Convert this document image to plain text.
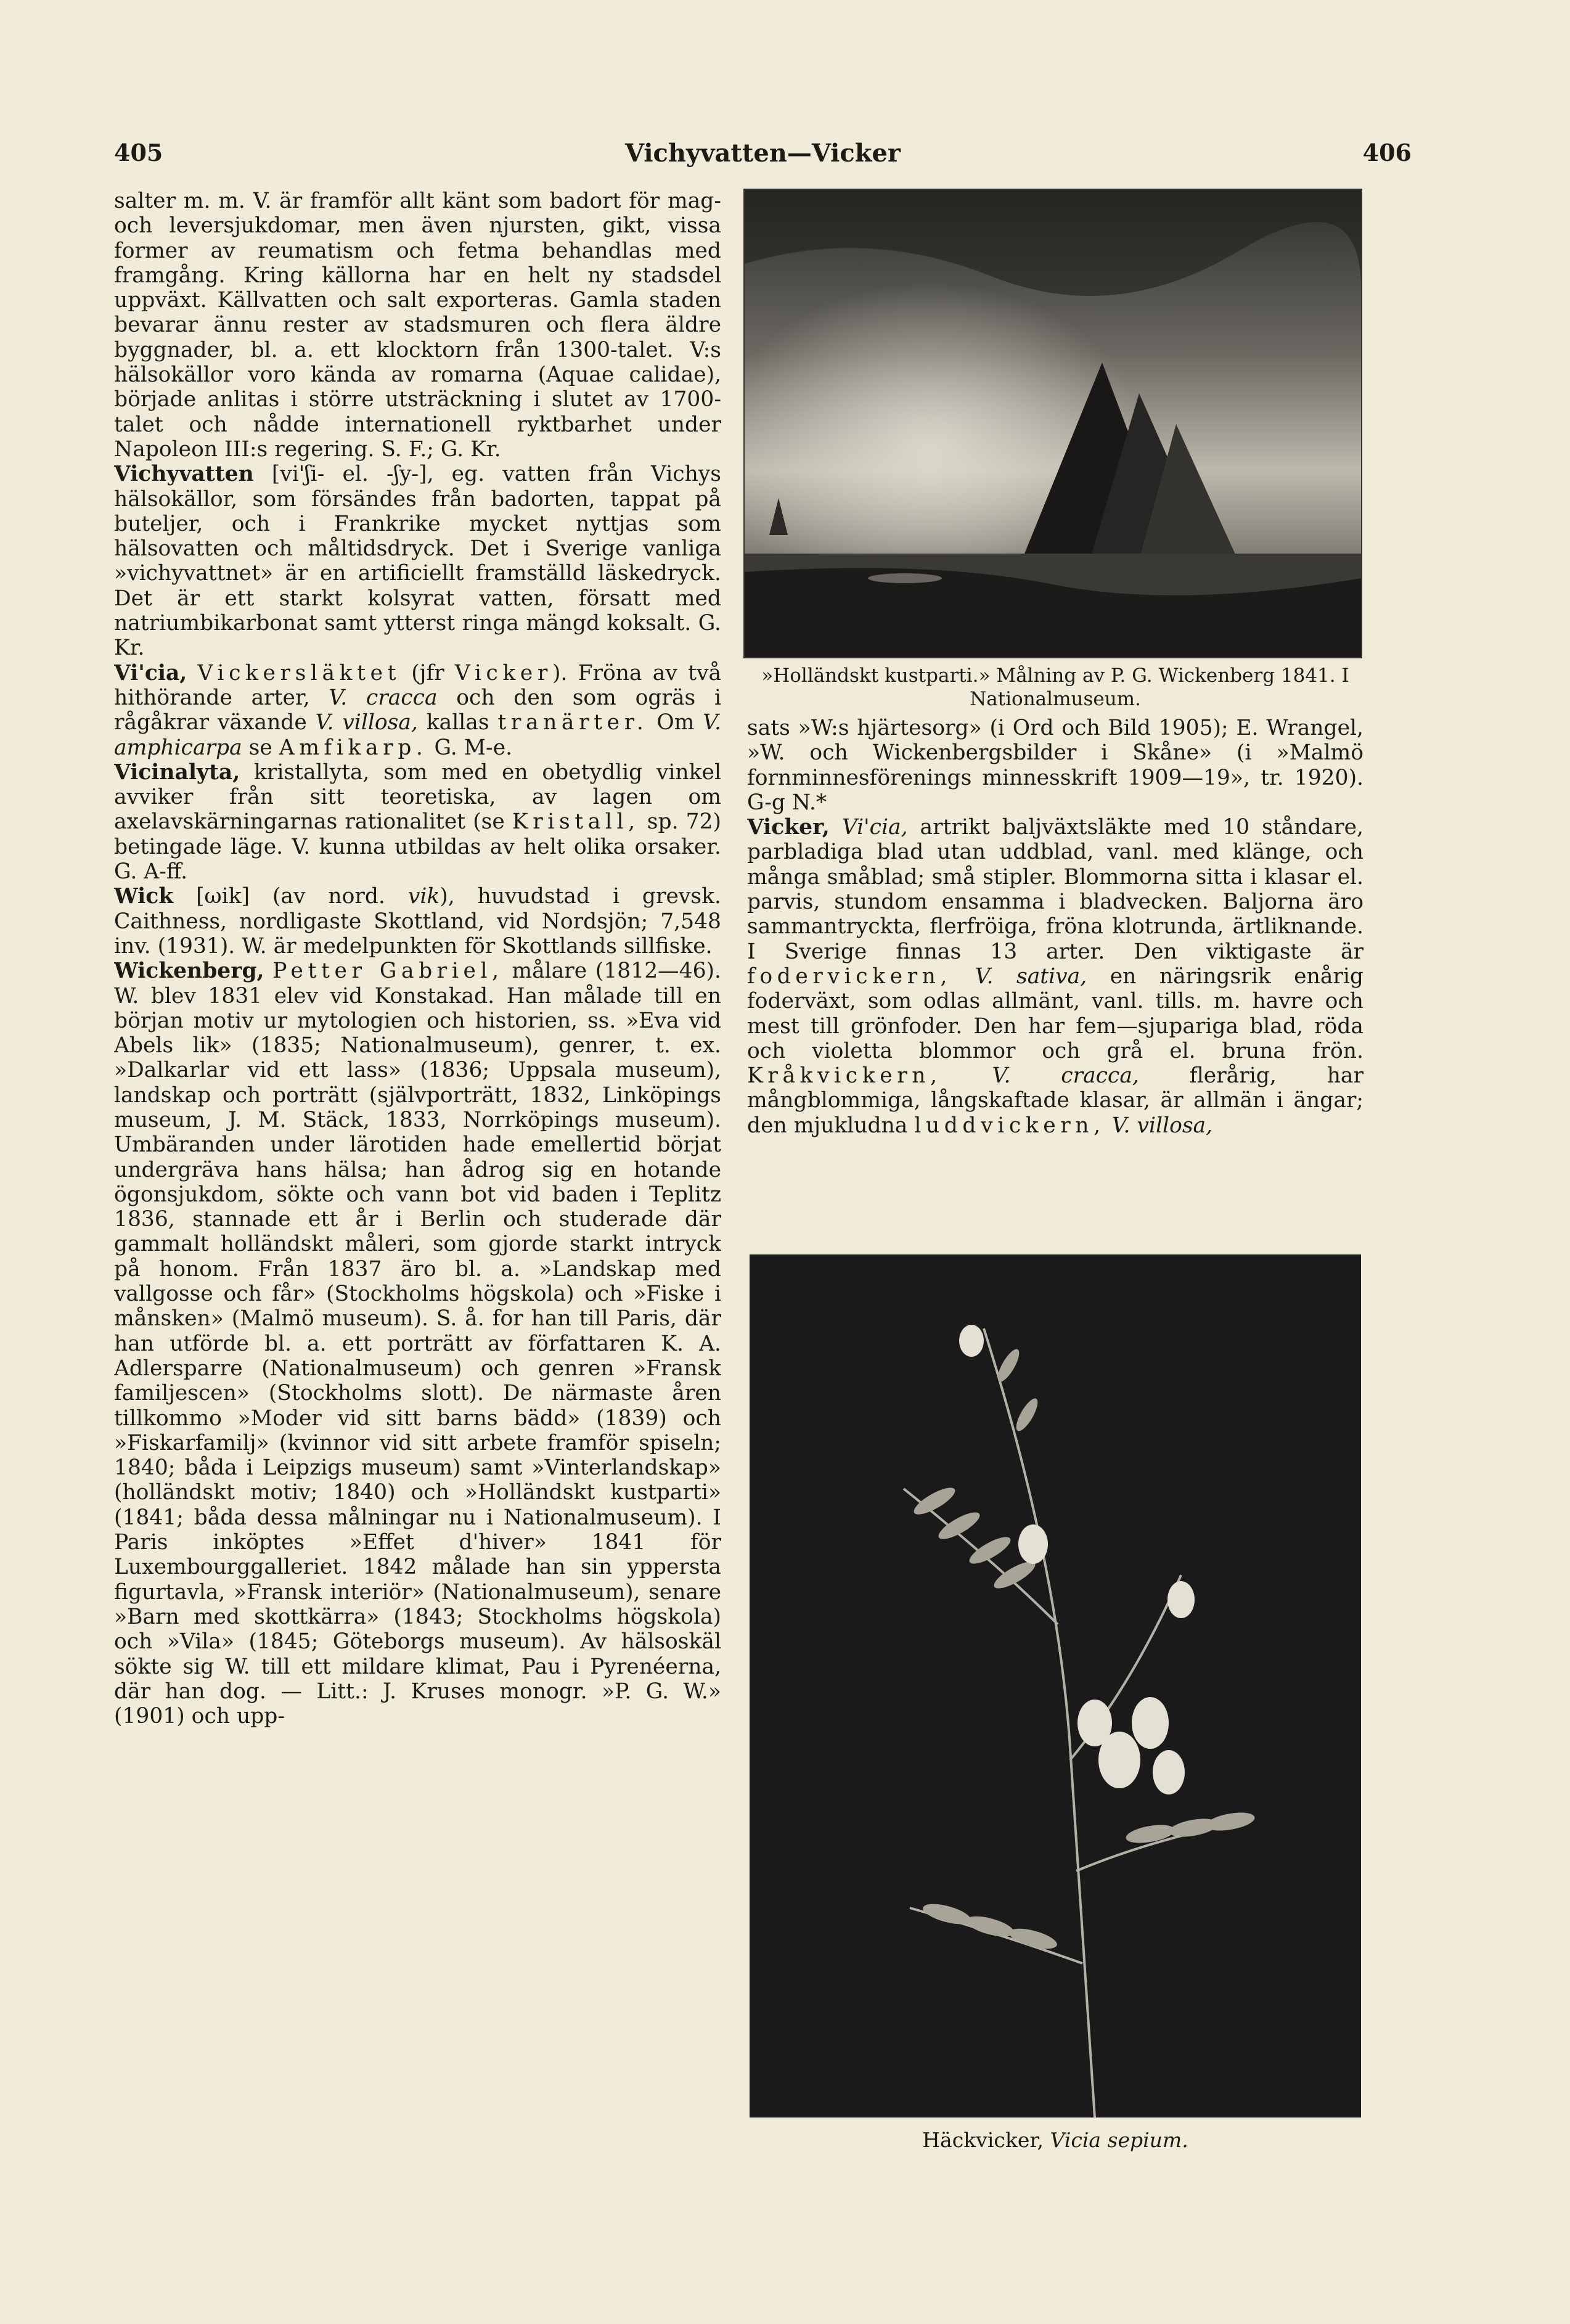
405	Vichyvatten—Vicker	406

salter m. m. V. är framför allt känt som badort för mag- och leversjukdomar, men även njursten, gikt, vissa former av reumatism och fetma behandlas med framgång. Kring källorna har en helt ny stadsdel uppväxt. Källvatten och salt exporteras. Gamla staden bevarar ännu rester av stadsmuren och flera äldre byggnader, bl. a. ett klocktorn från 1300-talet. V:s hälsokällor voro kända av romarna (Aquae calidae), började anlitas i större utsträckning i slutet av 1700-talet och nådde internationell ryktbarhet under Napoleon III:s regering. S. F.; G. Kr.

Vichyvatten [vi'ʃi- el. -ʃy-], eg. vatten från Vichys hälsokällor, som försändes från badorten, tappat på buteljer, och i Frankrike mycket nyttjas som hälsovatten och måltidsdryck. Det i Sverige vanliga »vichyvattnet» är en artificiellt framställd läskedryck. Det är ett starkt kolsyrat vatten, försatt med natriumbikarbonat samt ytterst ringa mängd koksalt. G. Kr.

Vi'cia, Vickersläktet (jfr Vicker). Fröna av två hithörande arter, V. cracca och den som ogräs i rågåkrar växande V. villosa, kallas tranärter. Om V. amphicarpa se Amfikarp. G. M-e.

Vicinalyta, kristallyta, som med en obetydlig vinkel avviker från sitt teoretiska, av lagen om axelavskärningarnas rationalitet (se Kristall, sp. 72) betingade läge. V. kunna utbildas av helt olika orsaker. G. A-ff.

Wick [ωik] (av nord. vik), huvudstad i grevsk. Caithness, nordligaste Skottland, vid Nordsjön; 7,548 inv. (1931). W. är medelpunkten för Skottlands sillfiske.

Wickenberg, Petter Gabriel, målare (1812—46). W. blev 1831 elev vid Konstakad. Han målade till en början motiv ur mytologien och historien, ss. »Eva vid Abels lik» (1835; Nationalmuseum), genrer, t. ex. »Dalkarlar vid ett lass» (1836; Uppsala museum), landskap och porträtt (självporträtt, 1832, Linköpings museum, J. M. Stäck, 1833, Norrköpings museum). Umbäranden under lärotiden hade emellertid börjat undergräva hans hälsa; han ådrog sig en hotande ögonsjukdom, sökte och vann bot vid baden i Teplitz 1836, stannade ett år i Berlin och studerade där gammalt holländskt måleri, som gjorde starkt intryck på honom. Från 1837 äro bl. a. »Landskap med vallgosse och får» (Stockholms högskola) och »Fiske i månsken» (Malmö museum). S. å. for han till Paris, där han utförde bl. a. ett porträtt av författaren K. A. Adlersparre (Nationalmuseum) och genren »Fransk familjescen» (Stockholms slott). De närmaste åren tillkommo »Moder vid sitt barns bädd» (1839) och »Fiskarfamilj» (kvinnor vid sitt arbete framför spiseln; 1840; båda i Leipzigs museum) samt »Vinterlandskap» (holländskt motiv; 1840) och »Holländskt kustparti» (1841; båda dessa målningar nu i Nationalmuseum). I Paris inköptes »Effet d'hiver» 1841 för Luxembourggalleriet. 1842 målade han sin yppersta figurtavla, »Fransk interiör» (Nationalmuseum), senare »Barn med skottkärra» (1843; Stockholms högskola) och »Vila» (1845; Göteborgs museum). Av hälsoskäl sökte sig W. till ett mildare klimat, Pau i Pyrenéerna, där han dog. — Litt.: J. Kruses monogr. »P. G. W.» (1901) och upp-

»Holländskt kustparti.» Målning av P. G. Wickenberg 1841. I Nationalmuseum.

sats »W:s hjärtesorg» (i Ord och Bild 1905); E. Wrangel, »W. och Wickenbergsbilder i Skåne» (i »Malmö fornminnesförenings minnesskrift 1909—19», tr. 1920). G-g N.*

Vicker, Vi'cia, artrikt baljväxtsläkte med 10 ståndare, parbladiga blad utan uddblad, vanl. med klänge, och många småblad; små stipler. Blommorna sitta i klasar el. parvis, stundom ensamma i bladvecken. Baljorna äro sammantryckta, flerfröiga, fröna klotrunda, ärtliknande. I Sverige finnas 13 arter. Den viktigaste är fodervickern, V. sativa, en näringsrik enårig foderväxt, som odlas allmänt, vanl. tills. m. havre och mest till grönfoder. Den har fem—sjupariga blad, röda och violetta blommor och grå el. bruna frön. Kråkvickern, V. cracca, flerårig, har mångblommiga, långskaftade klasar, är allmän i ängar; den mjukludna luddvickern, V. villosa,

Häckvicker, Vicia sepium.
